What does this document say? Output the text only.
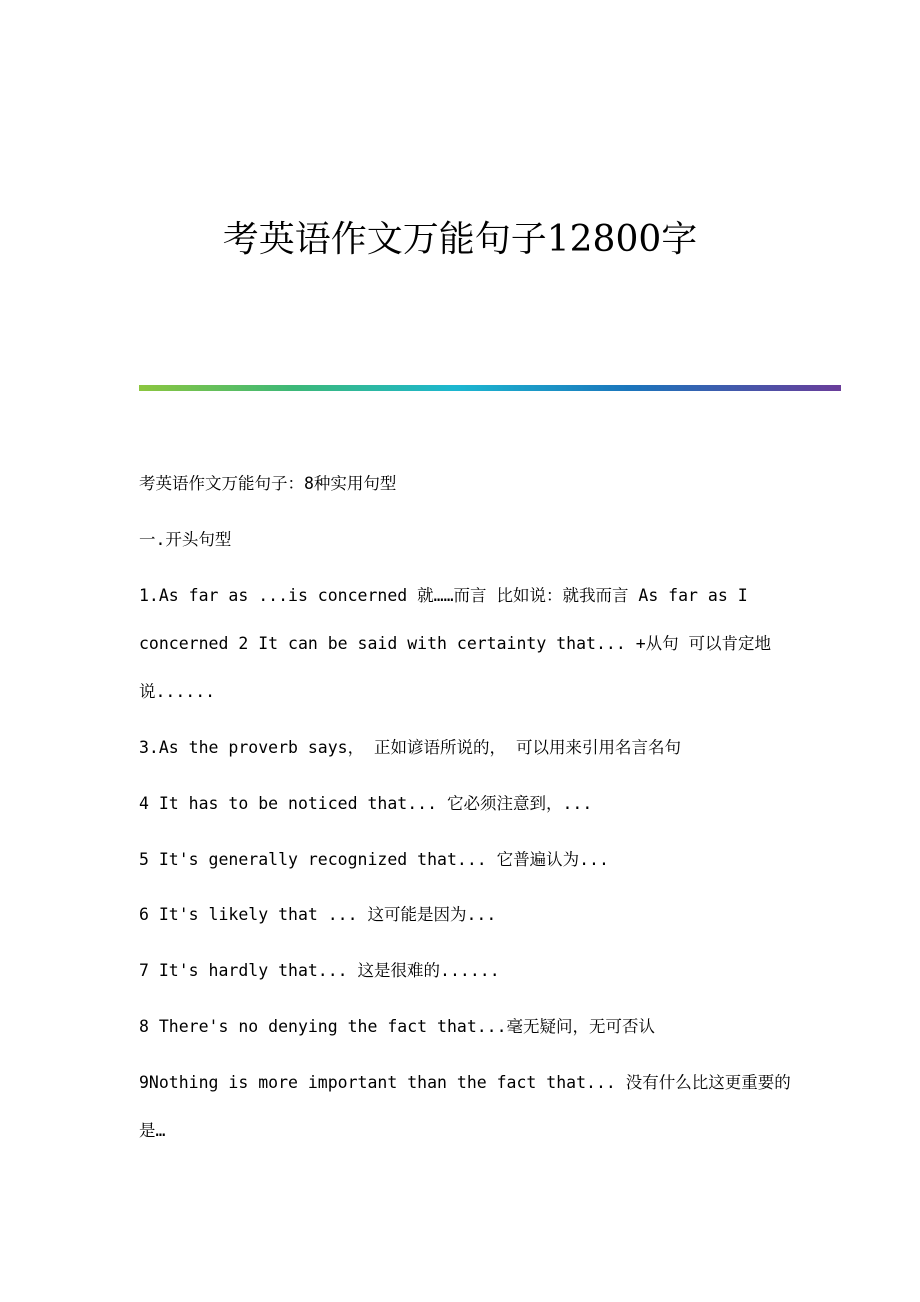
考英语作文万能句子12800字
考英语作文万能句子：8种实用句型
一.开头句型
1.As far as ...is concerned 就……而言 比如说：就我而言 As far as I
concerned 2 It can be said with certainty that... +从句 可以肯定地
说......
3.As the proverb says， 正如谚语所说的， 可以用来引用名言名句
4 It has to be noticed that... 它必须注意到，...
5 It's generally recognized that... 它普遍认为...
6 It's likely that ... 这可能是因为...
7 It's hardly that... 这是很难的......
8 There's no denying the fact that...毫无疑问，无可否认
9Nothing is more important than the fact that... 没有什么比这更重要的
是…
